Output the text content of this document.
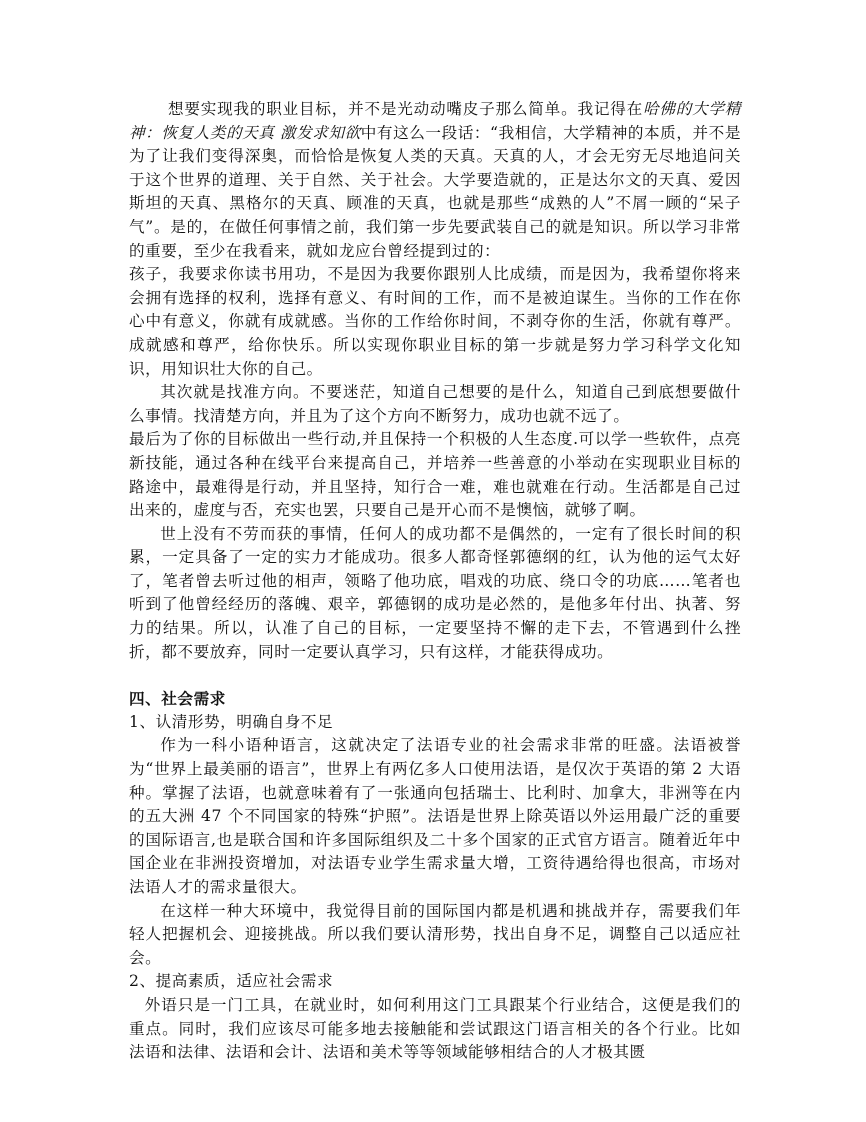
想要实现我的职业目标，并不是光动动嘴皮子那么简单。我记得在哈佛的大学精神：恢复人类的天真 激发求知欲中有这么一段话：“我相信，大学精神的本质，并不是为了让我们变得深奥，而恰恰是恢复人类的天真。天真的人，才会无穷无尽地追问关于这个世界的道理、关于自然、关于社会。大学要造就的，正是达尔文的天真、爱因斯坦的天真、黑格尔的天真、顾准的天真，也就是那些“成熟的人”不屑一顾的“呆子气”。是的，在做任何事情之前，我们第一步先要武装自己的就是知识。所以学习非常的重要，至少在我看来，就如龙应台曾经提到过的：

孩子，我要求你读书用功，不是因为我要你跟别人比成绩，而是因为，我希望你将来会拥有选择的权利，选择有意义、有时间的工作，而不是被迫谋生。当你的工作在你心中有意义，你就有成就感。当你的工作给你时间，不剥夺你的生活，你就有尊严。成就感和尊严，给你快乐。所以实现你职业目标的第一步就是努力学习科学文化知识，用知识壮大你的自己。

其次就是找准方向。不要迷茫，知道自己想要的是什么，知道自己到底想要做什么事情。找清楚方向，并且为了这个方向不断努力，成功也就不远了。

最后为了你的目标做出一些行动,并且保持一个积极的人生态度.可以学一些软件，点亮新技能，通过各种在线平台来提高自己，并培养一些善意的小举动在实现职业目标的路途中，最难得是行动，并且坚持，知行合一难，难也就难在行动。生活都是自己过出来的，虚度与否，充实也罢，只要自己是开心而不是懊恼，就够了啊。

世上没有不劳而获的事情，任何人的成功都不是偶然的，一定有了很长时间的积累，一定具备了一定的实力才能成功。很多人都奇怪郭德纲的红，认为他的运气太好了，笔者曾去听过他的相声，领略了他功底，唱戏的功底、绕口令的功底……笔者也听到了他曾经经历的落魄、艰辛，郭德钢的成功是必然的，是他多年付出、执著、努力的结果。所以，认准了自己的目标，一定要坚持不懈的走下去，不管遇到什么挫折，都不要放弃，同时一定要认真学习，只有这样，才能获得成功。

四、社会需求

1、认清形势，明确自身不足

作为一科小语种语言，这就决定了法语专业的社会需求非常的旺盛。法语被誉为“世界上最美丽的语言”，世界上有两亿多人口使用法语，是仅次于英语的第 2 大语种。掌握了法语，也就意味着有了一张通向包括瑞士、比利时、加拿大，非洲等在内的五大洲 47 个不同国家的特殊“护照”。法语是世界上除英语以外运用最广泛的重要的国际语言,也是联合国和许多国际组织及二十多个国家的正式官方语言。随着近年中国企业在非洲投资增加，对法语专业学生需求量大增，工资待遇给得也很高，市场对法语人才的需求量很大。

在这样一种大环境中，我觉得目前的国际国内都是机遇和挑战并存，需要我们年轻人把握机会、迎接挑战。所以我们要认清形势，找出自身不足，调整自己以适应社会。

2、提高素质，适应社会需求

外语只是一门工具，在就业时，如何利用这门工具跟某个行业结合，这便是我们的重点。同时，我们应该尽可能多地去接触能和尝试跟这门语言相关的各个行业。比如法语和法律、法语和会计、法语和美术等等领域能够相结合的人才极其匮
